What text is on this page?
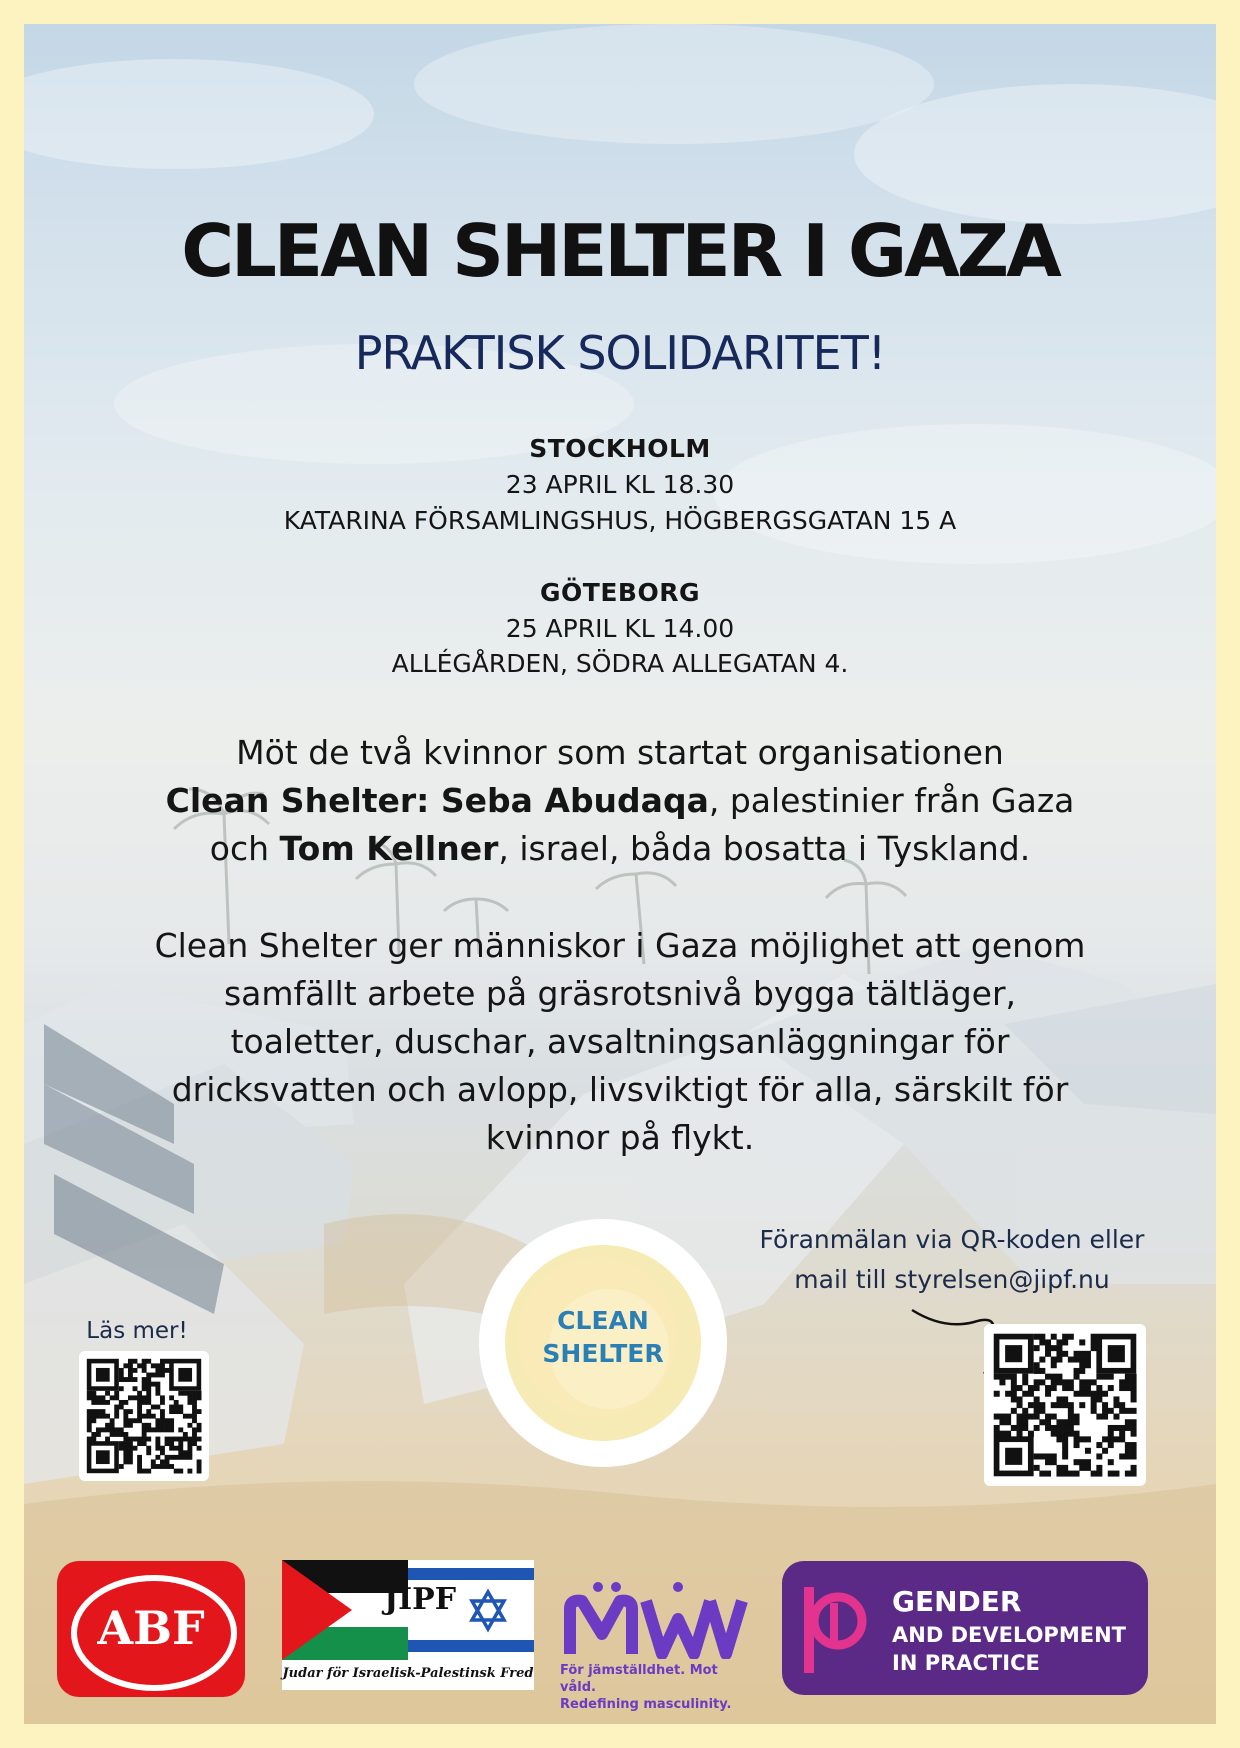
CLEAN SHELTER I GAZA
PRAKTISK SOLIDARITET!
STOCKHOLM
23 APRIL KL 18.30
KATARINA FÖRSAMLINGSHUS, HÖGBERGSGATAN 15 A
GÖTEBORG
25 APRIL KL 14.00
ALLÉGÅRDEN, SÖDRA ALLEGATAN 4.
Möt de två kvinnor som startat organisationen
Clean Shelter: Seba Abudaqa, palestinier från Gaza
och Tom Kellner, israel, båda bosatta i Tyskland.
Clean Shelter ger människor i Gaza möjlighet att genom
samfällt arbete på gräsrotsnivå bygga tältläger,
toaletter, duschar, avsaltningsanläggningar för
dricksvatten och avlopp, livsviktigt för alla, särskilt för
kvinnor på flykt.
Föranmälan via QR-koden eller
mail till styrelsen@jipf.nu
Läs mer!	CLEAN
SHELTER
ABF
JIPF
Judar för Israelisk-Palestinsk Fred För jämställdhet. Mot våld.
Redefining masculinity.
GENDER
AND DEVELOPMENT
IN PRACTICE
